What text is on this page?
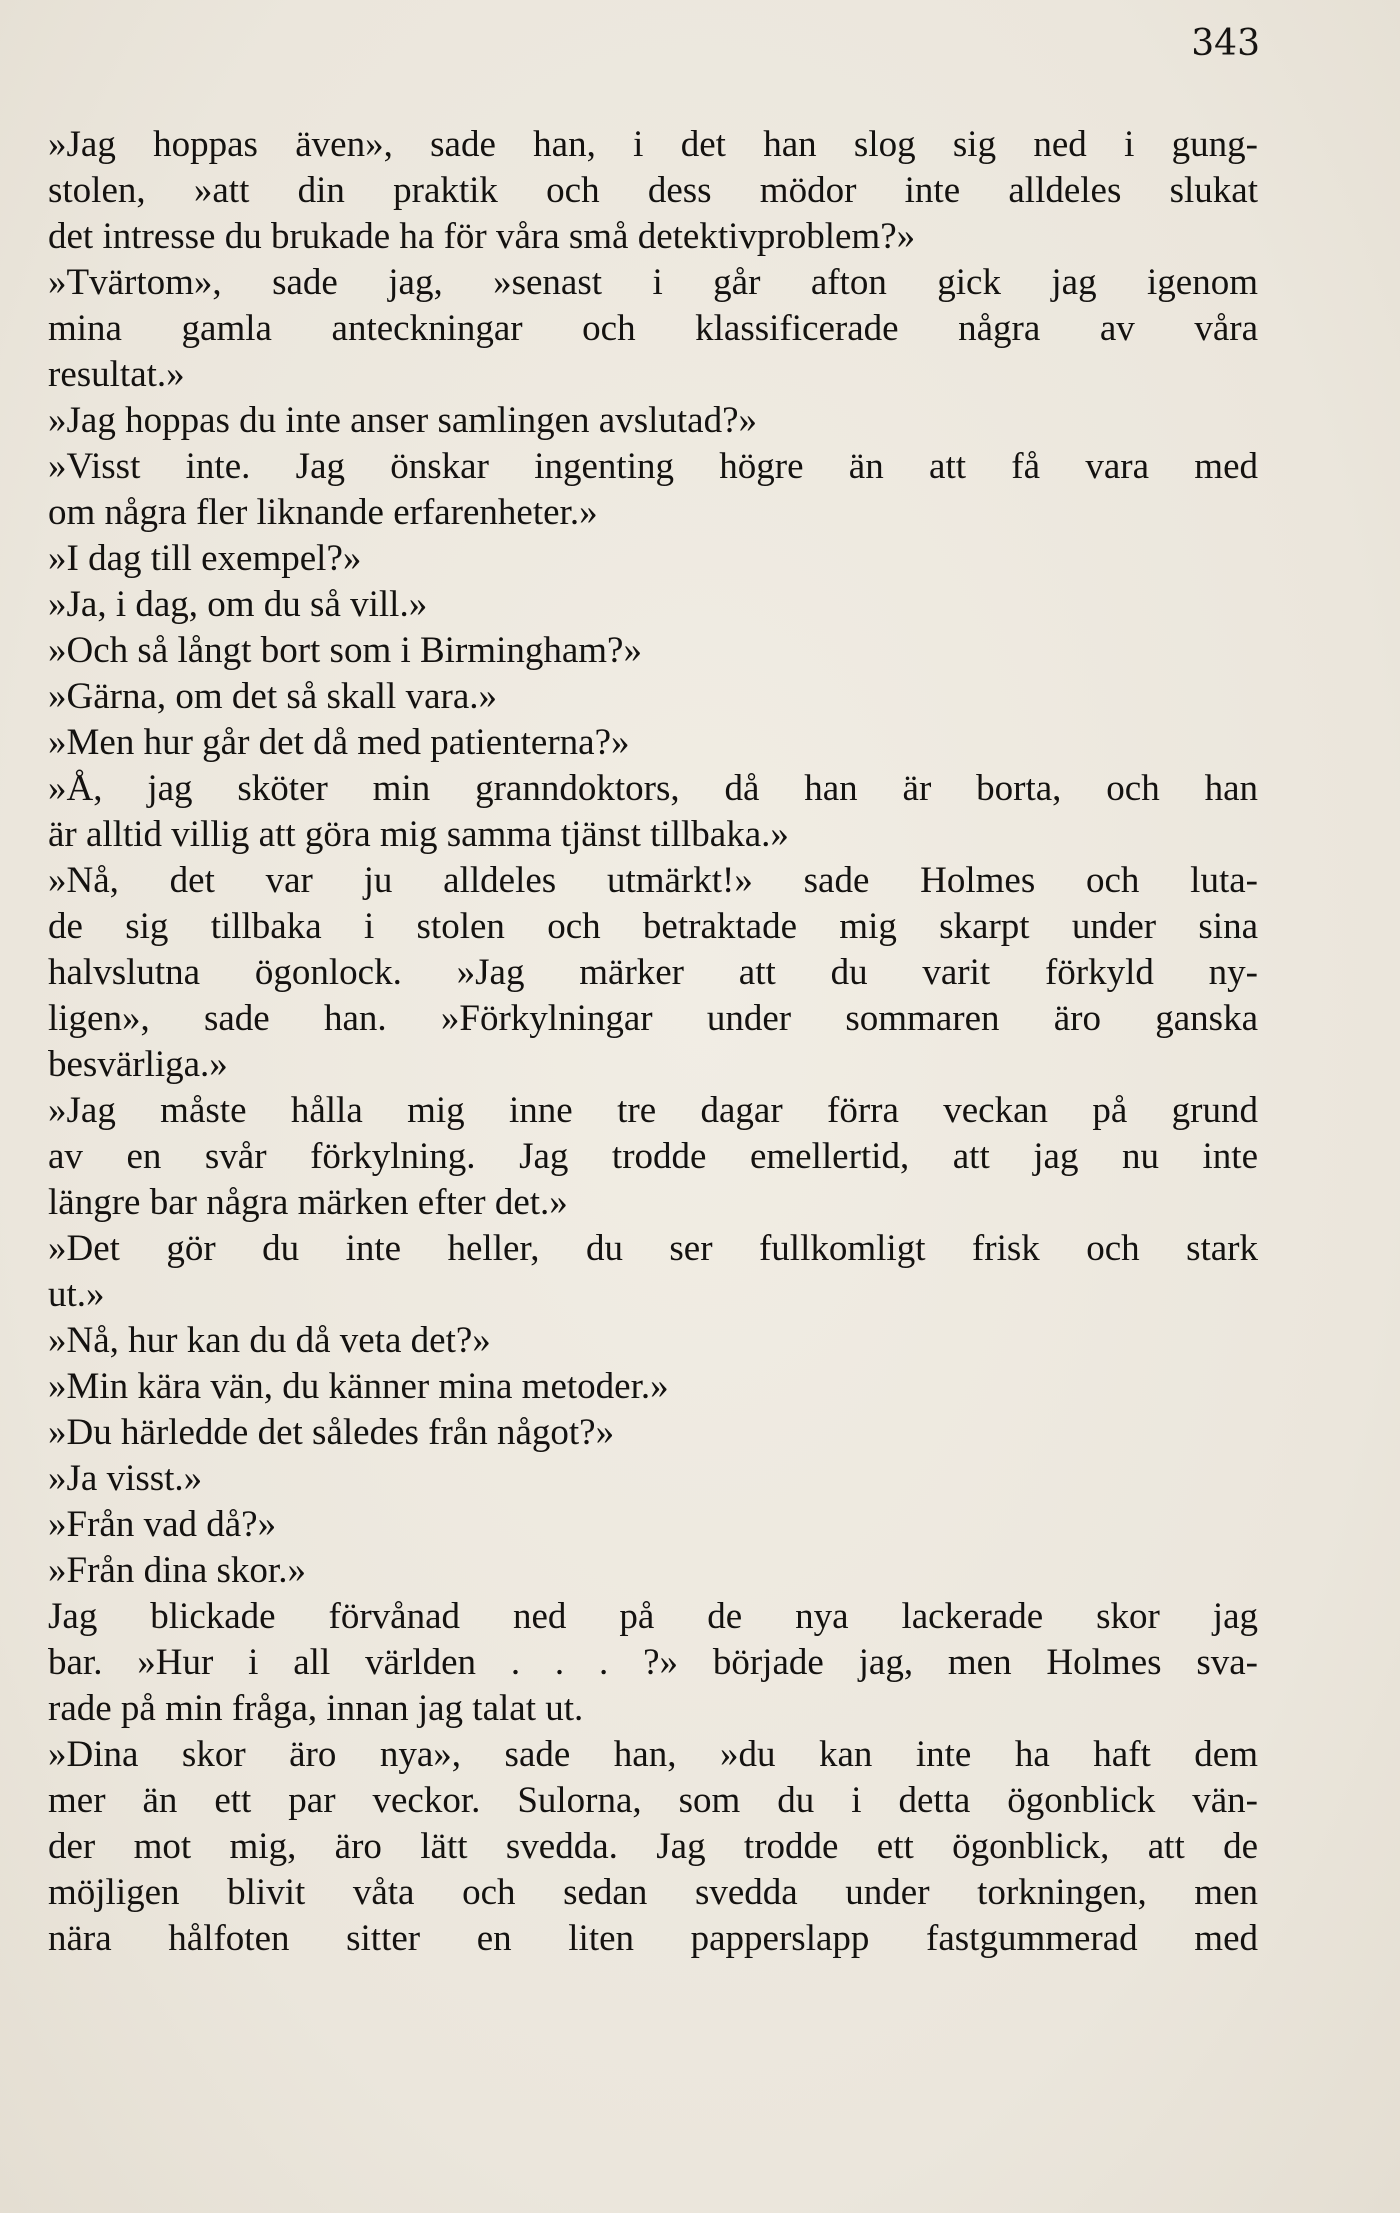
343
»Jag hoppas även», sade han, i det han slog sig ned i gung-
stolen, »att din praktik och dess mödor inte alldeles slukat
det intresse du brukade ha för våra små detektivproblem?»
»Tvärtom», sade jag, »senast i går afton gick jag igenom
mina gamla anteckningar och klassificerade några av våra
resultat.»
»Jag hoppas du inte anser samlingen avslutad?»
»Visst inte. Jag önskar ingenting högre än att få vara med
om några fler liknande erfarenheter.»
»I dag till exempel?»
»Ja, i dag, om du så vill.»
»Och så långt bort som i Birmingham?»
»Gärna, om det så skall vara.»
»Men hur går det då med patienterna?»
»Å, jag sköter min granndoktors, då han är borta, och han
är alltid villig att göra mig samma tjänst tillbaka.»
»Nå, det var ju alldeles utmärkt!» sade Holmes och luta-
de sig tillbaka i stolen och betraktade mig skarpt under sina
halvslutna ögonlock. »Jag märker att du varit förkyld ny-
ligen», sade han. »Förkylningar under sommaren äro ganska
besvärliga.»
»Jag måste hålla mig inne tre dagar förra veckan på grund
av en svår förkylning. Jag trodde emellertid, att jag nu inte
längre bar några märken efter det.»
»Det gör du inte heller, du ser fullkomligt frisk och stark
ut.»
»Nå, hur kan du då veta det?»
»Min kära vän, du känner mina metoder.»
»Du härledde det således från något?»
»Ja visst.»
»Från vad då?»
»Från dina skor.»
Jag blickade förvånad ned på de nya lackerade skor jag
bar. »Hur i all världen . . . ?» började jag, men Holmes sva-
rade på min fråga, innan jag talat ut.
»Dina skor äro nya», sade han, »du kan inte ha haft dem
mer än ett par veckor. Sulorna, som du i detta ögonblick vän-
der mot mig, äro lätt svedda. Jag trodde ett ögonblick, att de
möjligen blivit våta och sedan svedda under torkningen, men
nära hålfoten sitter en liten papperslapp fastgummerad med
